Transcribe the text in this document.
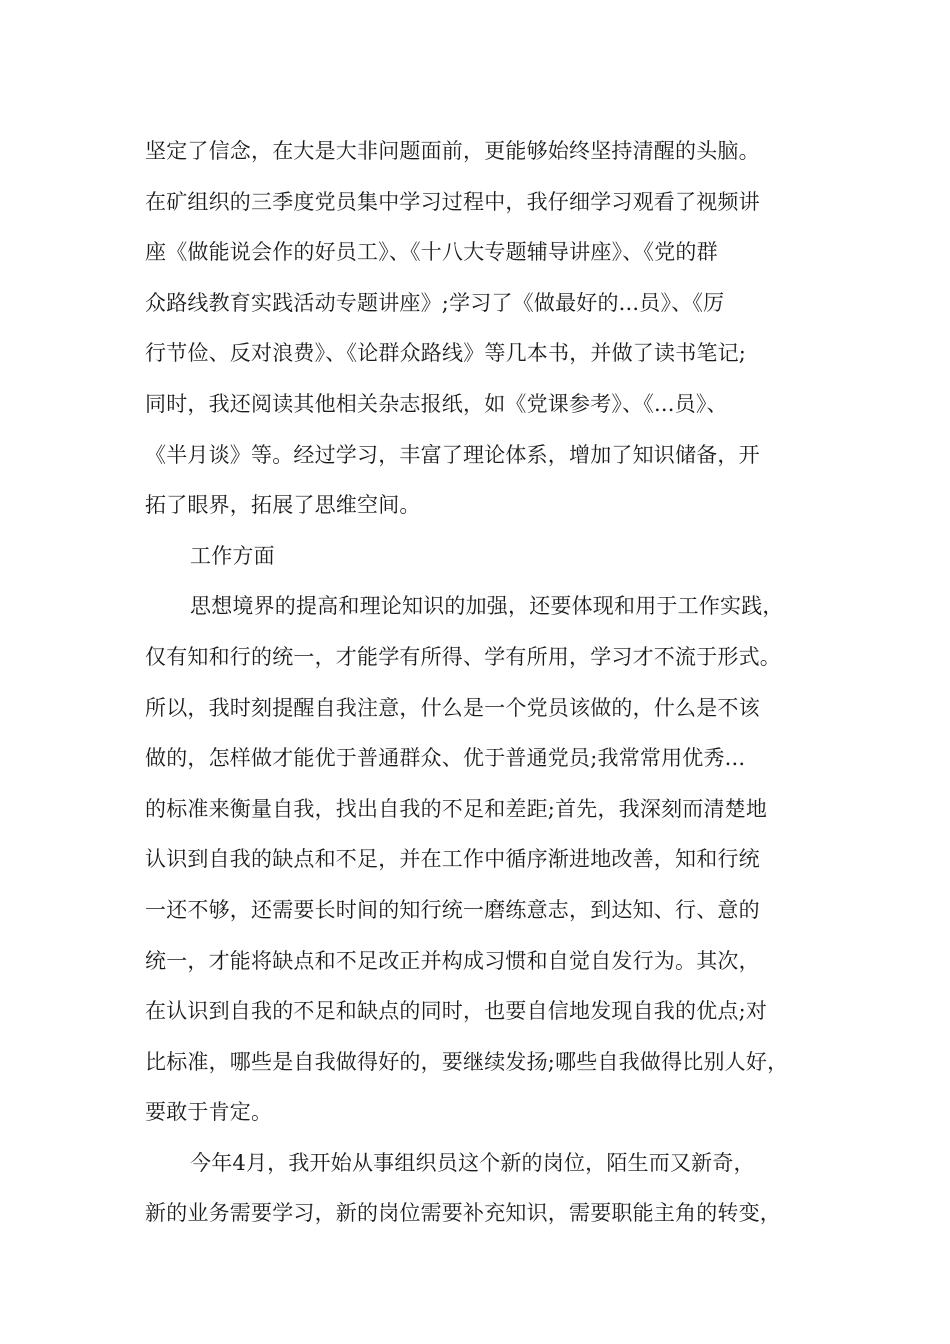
坚定了信念，在大是大非问题面前，更能够始终坚持清醒的头脑。
在矿组织的三季度党员集中学习过程中，我仔细学习观看了视频讲
座《做能说会作的好员工》、《十八大专题辅导讲座》、《党的群
众路线教育实践活动专题讲座》;学习了《做最好的...员》、《厉
行节俭、反对浪费》、《论群众路线》等几本书，并做了读书笔记;
同时，我还阅读其他相关杂志报纸，如《党课参考》、《...员》、
《半月谈》等。经过学习，丰富了理论体系，增加了知识储备，开
拓了眼界，拓展了思维空间。
工作方面
思想境界的提高和理论知识的加强，还要体现和用于工作实践，
仅有知和行的统一，才能学有所得、学有所用，学习才不流于形式。
所以，我时刻提醒自我注意，什么是一个党员该做的，什么是不该
做的，怎样做才能优于普通群众、优于普通党员;我常常用优秀...
的标准来衡量自我，找出自我的不足和差距;首先，我深刻而清楚地
认识到自我的缺点和不足，并在工作中循序渐进地改善，知和行统
一还不够，还需要长时间的知行统一磨练意志，到达知、行、意的
统一，才能将缺点和不足改正并构成习惯和自觉自发行为。其次，
在认识到自我的不足和缺点的同时，也要自信地发现自我的优点;对
比标准，哪些是自我做得好的，要继续发扬;哪些自我做得比别人好，
要敢于肯定。
今年4月，我开始从事组织员这个新的岗位，陌生而又新奇，
新的业务需要学习，新的岗位需要补充知识，需要职能主角的转变，
